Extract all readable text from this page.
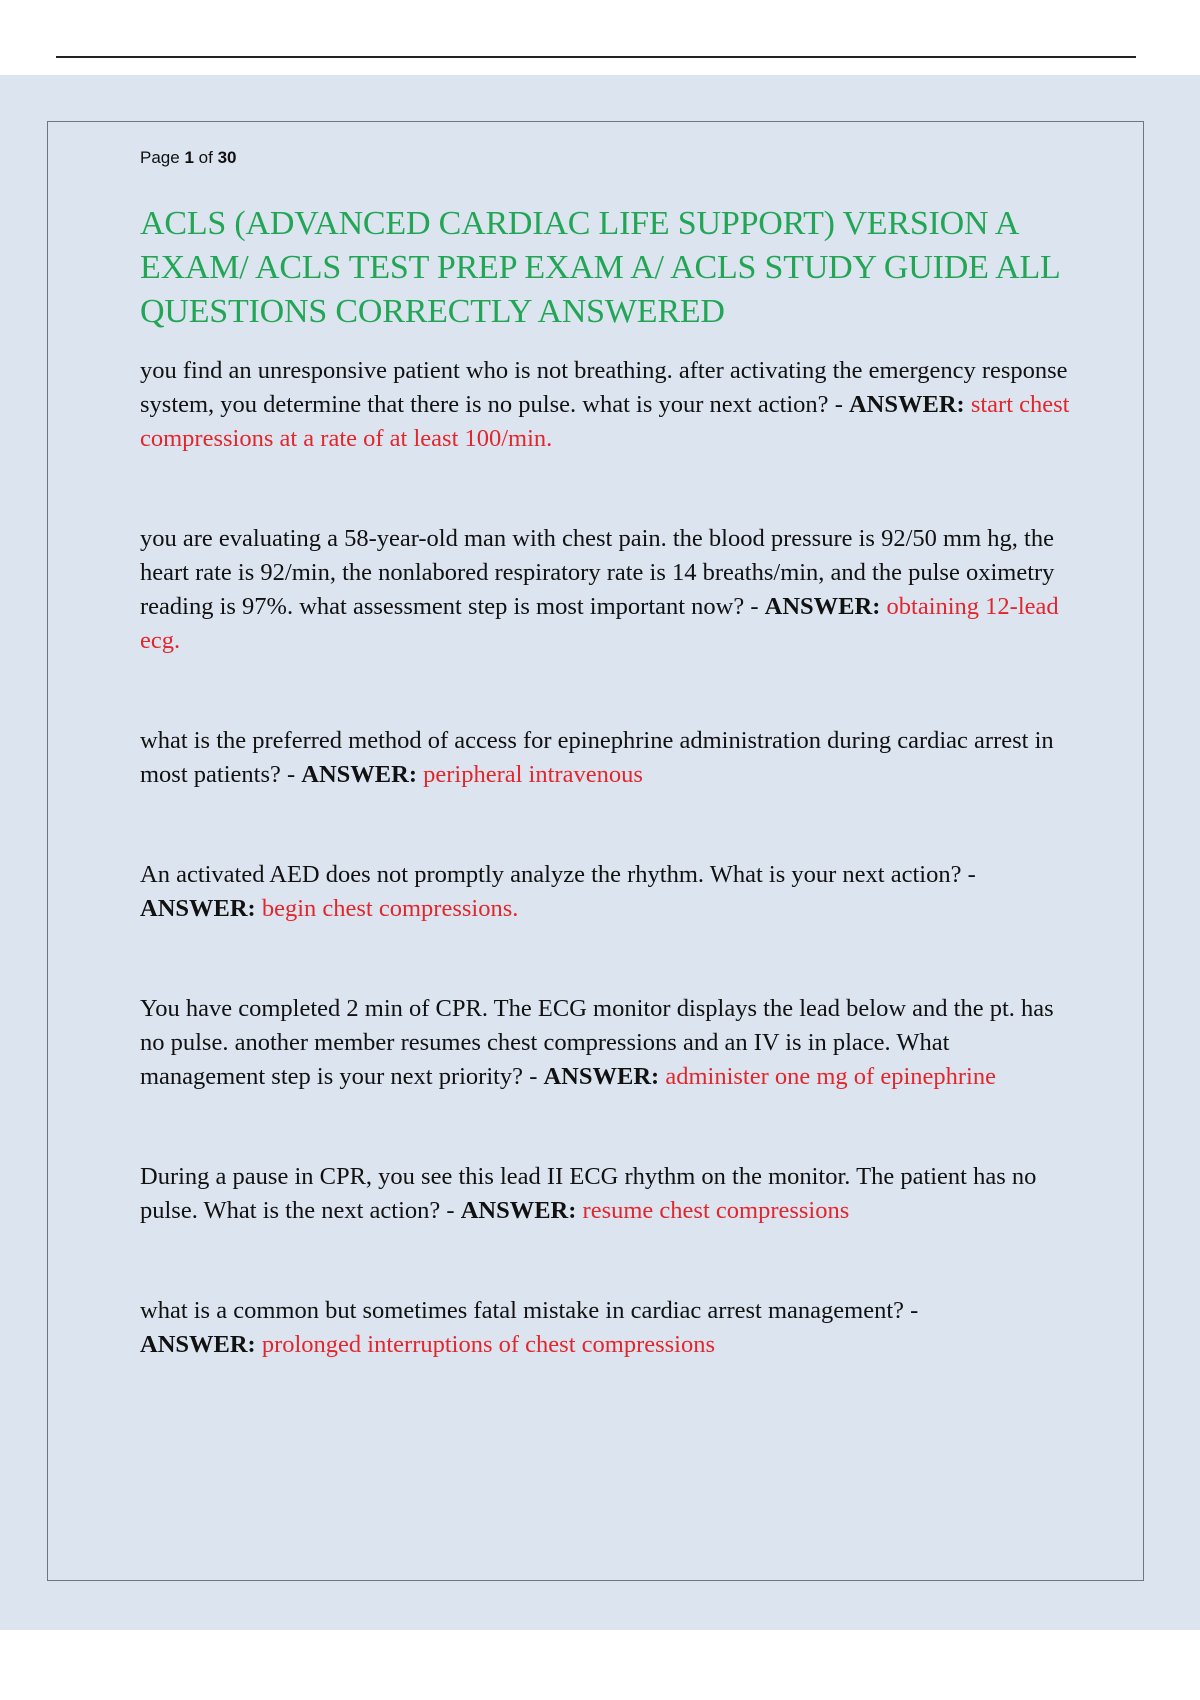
Page 1 of 30
ACLS (ADVANCED CARDIAC LIFE SUPPORT) VERSION A EXAM/ ACLS TEST PREP EXAM A/ ACLS STUDY GUIDE ALL QUESTIONS CORRECTLY ANSWERED
you find an unresponsive patient who is not breathing. after activating the emergency response system, you determine that there is no pulse. what is your next action? - ANSWER: start chest compressions at a rate of at least 100/min.
you are evaluating a 58-year-old man with chest pain. the blood pressure is 92/50 mm hg, the heart rate is 92/min, the nonlabored respiratory rate is 14 breaths/min, and the pulse oximetry reading is 97%. what assessment step is most important now? - ANSWER: obtaining 12-lead ecg.
what is the preferred method of access for epinephrine administration during cardiac arrest in most patients? - ANSWER: peripheral intravenous
An activated AED does not promptly analyze the rhythm. What is your next action? - ANSWER: begin chest compressions.
You have completed 2 min of CPR. The ECG monitor displays the lead below and the pt. has no pulse. another member resumes chest compressions and an IV is in place. What management step is your next priority? - ANSWER: administer one mg of epinephrine
During a pause in CPR, you see this lead II ECG rhythm on the monitor. The patient has no pulse. What is the next action? - ANSWER: resume chest compressions
what is a common but sometimes fatal mistake in cardiac arrest management? -
ANSWER: prolonged interruptions of chest compressions
